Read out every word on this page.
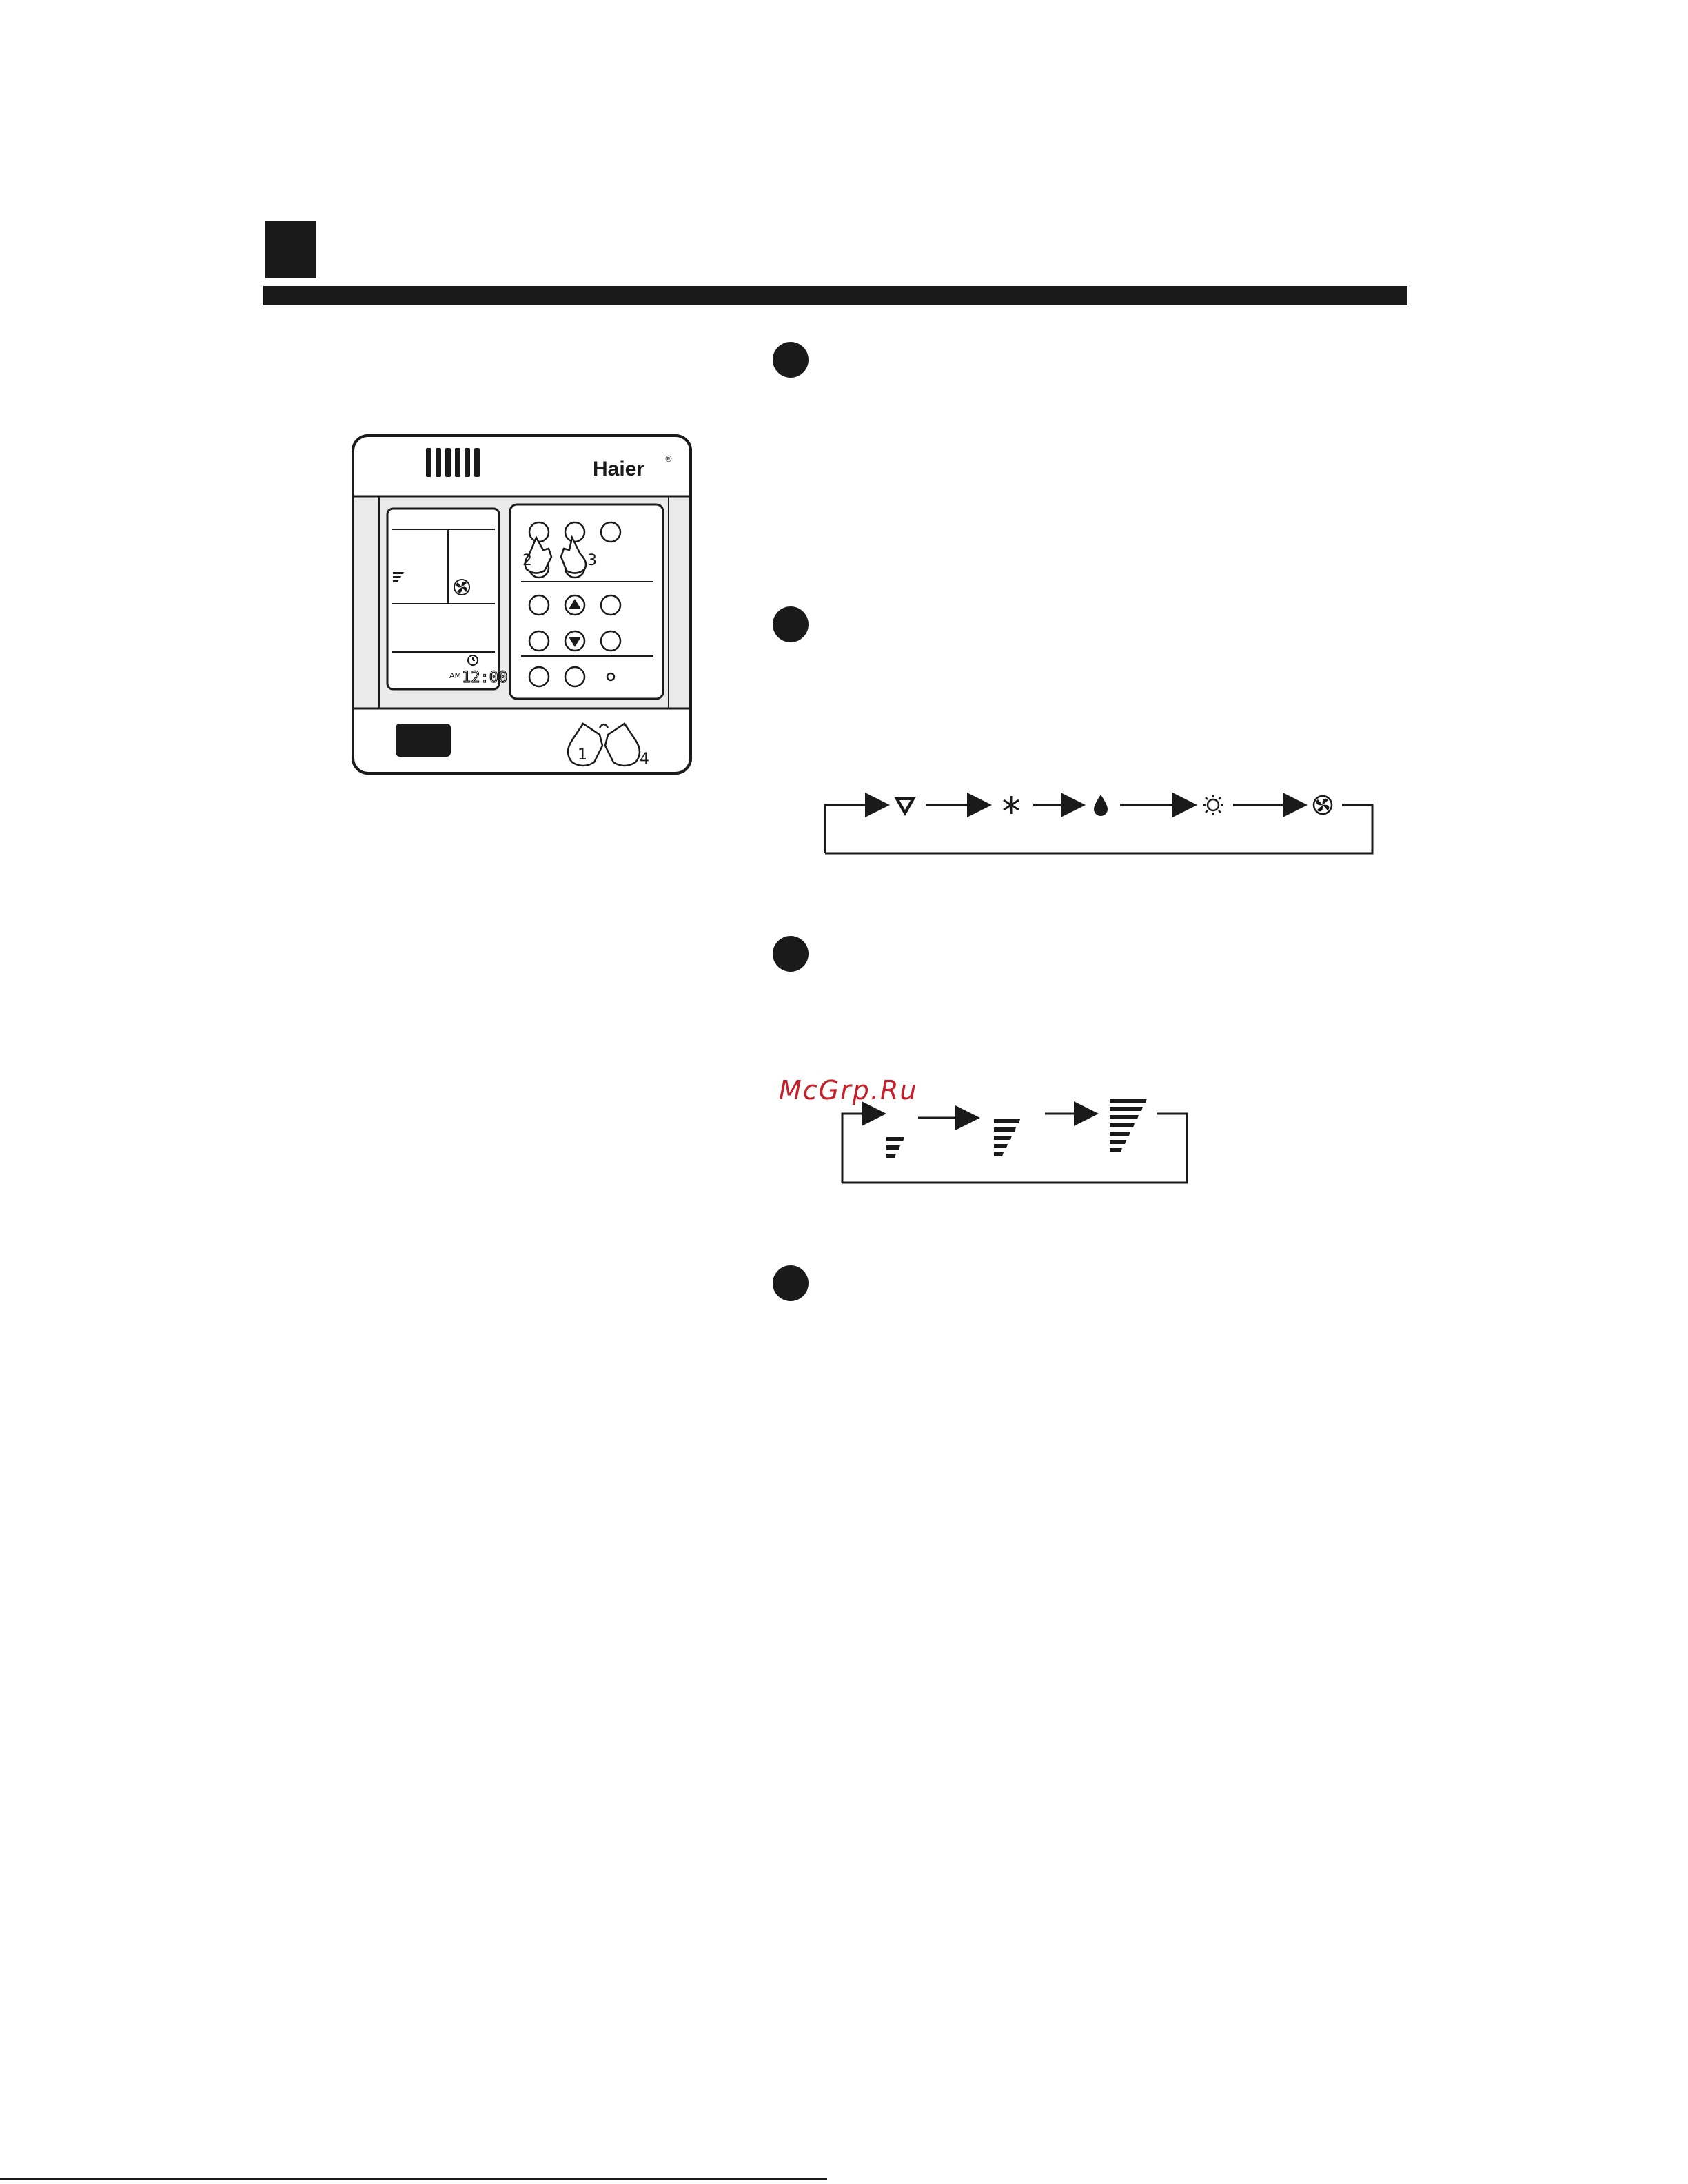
Haier ®
AM 12:00
2	3
1	4
McGrp.Ru
